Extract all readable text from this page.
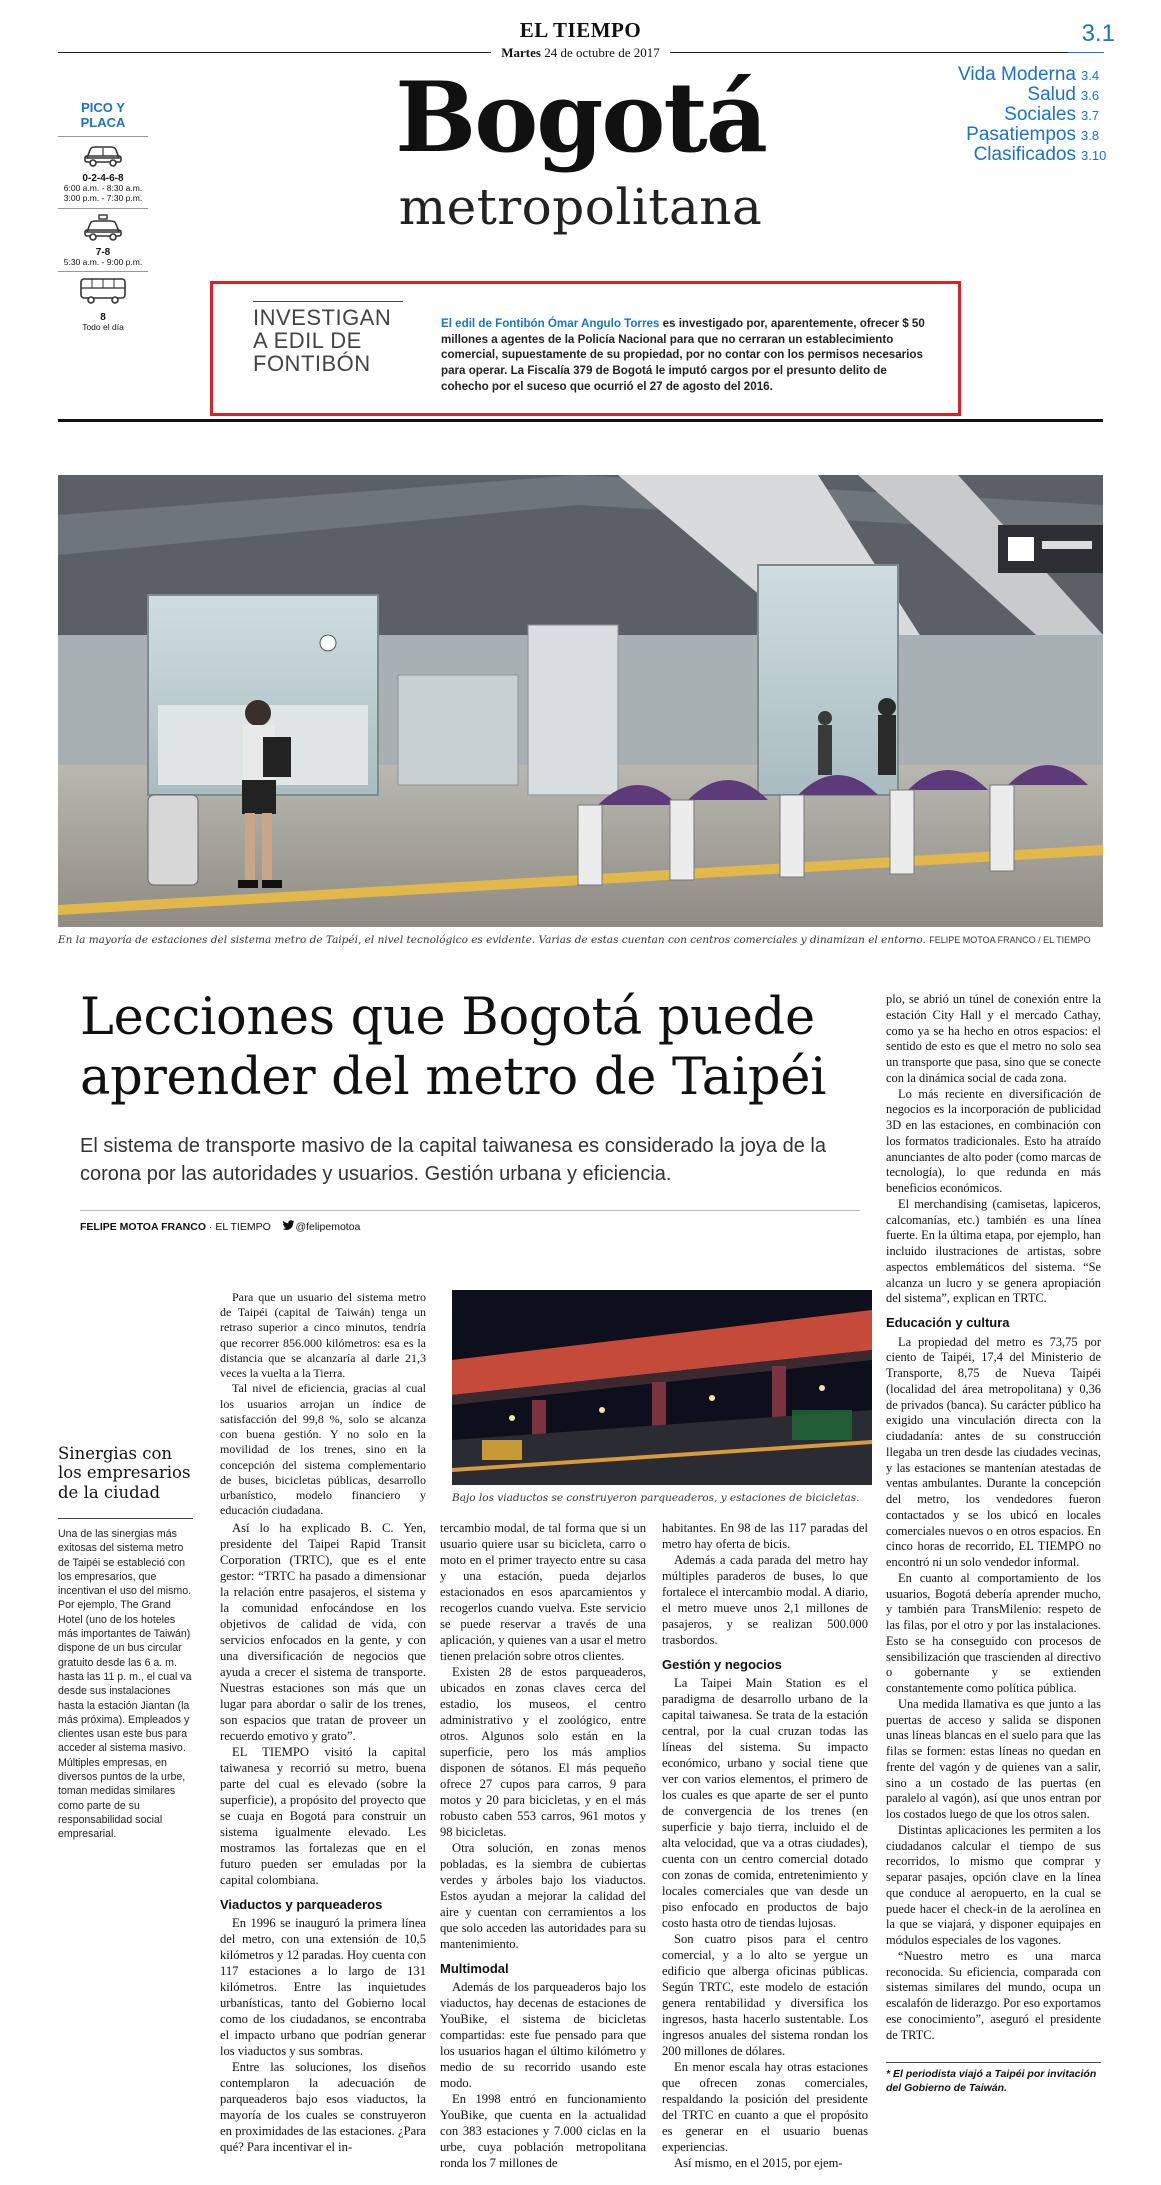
EL TIEMPO
Martes 24 de octubre de 2017
3.1
Bogotá
metropolitana
PICO Y PLACA
0-2-4-6-8
6:00 a.m. - 8:30 a.m.
3:00 p.m. - 7:30 p.m.
7-8
5:30 a.m. - 9:00 p.m.
8
Todo el día
Vida Moderna 3.4
Salud 3.6
Sociales 3.7
Pasatiempos 3.8
Clasificados 3.10
INVESTIGAN
A EDIL DE
FONTIBÓN
El edil de Fontibón Ómar Angulo Torres es investigado por, aparentemente, ofrecer $ 50 millones a agentes de la Policía Nacional para que no cerraran un establecimiento comercial, supuestamente de su propiedad, por no contar con los permisos necesarios para operar. La Fiscalía 379 de Bogotá le imputó cargos por el presunto delito de cohecho por el suceso que ocurrió el 27 de agosto del 2016.
En la mayoría de estaciones del sistema metro de Taipéi, el nivel tecnológico es evidente. Varias de estas cuentan con centros comerciales y dinamizan el entorno. FELIPE MOTOA FRANCO / EL TIEMPO
Lecciones que Bogotá puede aprender del metro de Taipéi
El sistema de transporte masivo de la capital taiwanesa es considerado la joya de la corona por las autoridades y usuarios. Gestión urbana y eficiencia.
FELIPE MOTOA FRANCO · EL TIEMPO @felipemotoa
Sinergias con los empresarios de la ciudad
Una de las sinergias más exitosas del sistema metro de Taipéi se estableció con los empresarios, que incentivan el uso del mismo. Por ejemplo, The Grand Hotel (uno de los hoteles más importantes de Taiwán) dispone de un bus circular gratuito desde las 6 a. m. hasta las 11 p. m., el cual va desde sus instalaciones hasta la estación Jiantan (la más próxima). Empleados y clientes usan este bus para acceder al sistema masivo. Múltiples empresas, en diversos puntos de la urbe, toman medidas similares como parte de su responsabilidad social empresarial.

Para que un usuario del sistema metro de Taipéi (capital de Taiwán) tenga un retraso superior a cinco minutos, tendría que recorrer 856.000 kilómetros: esa es la distancia que se alcanzaría al darle 21,3 veces la vuelta a la Tierra.

Tal nivel de eficiencia, gracias al cual los usuarios arrojan un índice de satisfacción del 99,8 %, solo se alcanza con buena gestión. Y no solo en la movilidad de los trenes, sino en la concepción del sistema complementario de buses, bicicletas públicas, desarrollo urbanístico, modelo financiero y educación ciudadana.

Así lo ha explicado B. C. Yen, presidente del Taipei Rapid Transit Corporation (TRTC), que es el ente gestor: “TRTC ha pasado a dimensionar la relación entre pasajeros, el sistema y la comunidad enfocándose en los objetivos de calidad de vida, con servicios enfocados en la gente, y con una diversificación de negocios que ayuda a crecer el sistema de transporte. Nuestras estaciones son más que un lugar para abordar o salir de los trenes, son espacios que tratan de proveer un recuerdo emotivo y grato”.

EL TIEMPO visitó la capital taiwanesa y recorrió su metro, buena parte del cual es elevado (sobre la superficie), a propósito del proyecto que se cuaja en Bogotá para construir un sistema igualmente elevado. Les mostramos las fortalezas que en el futuro pueden ser emuladas por la capital colombiana.

Viaductos y parqueaderos

En 1996 se inauguró la primera línea del metro, con una extensión de 10,5 kilómetros y 12 paradas. Hoy cuenta con 117 estaciones a lo largo de 131 kilómetros. Entre las inquietudes urbanísticas, tanto del Gobierno local como de los ciudadanos, se encontraba el impacto urbano que podrían generar los viaductos y sus sombras.

Entre las soluciones, los diseños contemplaron la adecuación de parqueaderos bajo esos viaductos, la mayoría de los cuales se construyeron en proximidades de las estaciones. ¿Para qué? Para incentivar el in-

Bajo los viaductos se construyeron parqueaderos, y estaciones de bicicletas.

tercambio modal, de tal forma que si un usuario quiere usar su bicicleta, carro o moto en el primer trayecto entre su casa y una estación, pueda dejarlos estacionados en esos aparcamientos y recogerlos cuando vuelva. Este servicio se puede reservar a través de una aplicación, y quienes van a usar el metro tienen prelación sobre otros clientes.

Existen 28 de estos parqueaderos, ubicados en zonas claves cerca del estadio, los museos, el centro administrativo y el zoológico, entre otros. Algunos solo están en la superficie, pero los más amplios disponen de sótanos. El más pequeño ofrece 27 cupos para carros, 9 para motos y 20 para bicicletas, y en el más robusto caben 553 carros, 961 motos y 98 bicicletas.

Otra solución, en zonas menos pobladas, es la siembra de cubiertas verdes y árboles bajo los viaductos. Estos ayudan a mejorar la calidad del aire y cuentan con cerramientos a los que solo acceden las autoridades para su mantenimiento.

Multimodal

Además de los parqueaderos bajo los viaductos, hay decenas de estaciones de YouBike, el sistema de bicicletas compartidas: este fue pensado para que los usuarios hagan el último kilómetro y medio de su recorrido usando este modo.

En 1998 entró en funcionamiento YouBike, que cuenta en la actualidad con 383 estaciones y 7.000 ciclas en la urbe, cuya población metropolitana ronda los 7 millones de

habitantes. En 98 de las 117 paradas del metro hay oferta de bicis.

Además a cada parada del metro hay múltiples paraderos de buses, lo que fortalece el intercambio modal. A diario, el metro mueve unos 2,1 millones de pasajeros, y se realizan 500.000 trasbordos.

Gestión y negocios

La Taipei Main Station es el paradigma de desarrollo urbano de la capital taiwanesa. Se trata de la estación central, por la cual cruzan todas las líneas del sistema. Su impacto económico, urbano y social tiene que ver con varios elementos, el primero de los cuales es que aparte de ser el punto de convergencia de los trenes (en superficie y bajo tierra, incluido el de alta velocidad, que va a otras ciudades), cuenta con un centro comercial dotado con zonas de comida, entretenimiento y locales comerciales que van desde un piso enfocado en productos de bajo costo hasta otro de tiendas lujosas.

Son cuatro pisos para el centro comercial, y a lo alto se yergue un edificio que alberga oficinas públicas. Según TRTC, este modelo de estación genera rentabilidad y diversifica los ingresos, hasta hacerlo sustentable. Los ingresos anuales del sistema rondan los 200 millones de dólares.

En menor escala hay otras estaciones que ofrecen zonas comerciales, respaldando la posición del presidente del TRTC en cuanto a que el propósito es generar en el usuario buenas experiencias.

Así mismo, en el 2015, por ejem-

plo, se abrió un túnel de conexión entre la estación City Hall y el mercado Cathay, como ya se ha hecho en otros espacios: el sentido de esto es que el metro no solo sea un transporte que pasa, sino que se conecte con la dinámica social de cada zona.

Lo más reciente en diversificación de negocios es la incorporación de publicidad 3D en las estaciones, en combinación con los formatos tradicionales. Esto ha atraído anunciantes de alto poder (como marcas de tecnología), lo que redunda en más beneficios económicos.

El merchandising (camisetas, lapiceros, calcomanías, etc.) también es una línea fuerte. En la última etapa, por ejemplo, han incluido ilustraciones de artistas, sobre aspectos emblemáticos del sistema. “Se alcanza un lucro y se genera apropiación del sistema”, explican en TRTC.

Educación y cultura

La propiedad del metro es 73,75 por ciento de Taipéi, 17,4 del Ministerio de Transporte, 8,75 de Nueva Taipéi (localidad del área metropolitana) y 0,36 de privados (banca). Su carácter público ha exigido una vinculación directa con la ciudadanía: antes de su construcción llegaba un tren desde las ciudades vecinas, y las estaciones se mantenían atestadas de ventas ambulantes. Durante la concepción del metro, los vendedores fueron contactados y se los ubicó en locales comerciales nuevos o en otros espacios. En cinco horas de recorrido, EL TIEMPO no encontró ni un solo vendedor informal.

En cuanto al comportamiento de los usuarios, Bogotá debería aprender mucho, y también para TransMilenio: respeto de las filas, por el otro y por las instalaciones. Esto se ha conseguido con procesos de sensibilización que trascienden al directivo o gobernante y se extienden constantemente como política pública.

Una medida llamativa es que junto a las puertas de acceso y salida se disponen unas líneas blancas en el suelo para que las filas se formen: estas líneas no quedan en frente del vagón y de quienes van a salir, sino a un costado de las puertas (en paralelo al vagón), así que unos entran por los costados luego de que los otros salen.

Distintas aplicaciones les permiten a los ciudadanos calcular el tiempo de sus recorridos, lo mismo que comprar y separar pasajes, opción clave en la línea que conduce al aeropuerto, en la cual se puede hacer el check-in de la aerolínea en la que se viajará, y disponer equipajes en módulos especiales de los vagones.

“Nuestro metro es una marca reconocida. Su eficiencia, comparada con sistemas similares del mundo, ocupa un escalafón de liderazgo. Por eso exportamos ese conocimiento”, aseguró el presidente de TRTC.

* El periodista viajó a Taipéi por invitación del Gobierno de Taiwán.
